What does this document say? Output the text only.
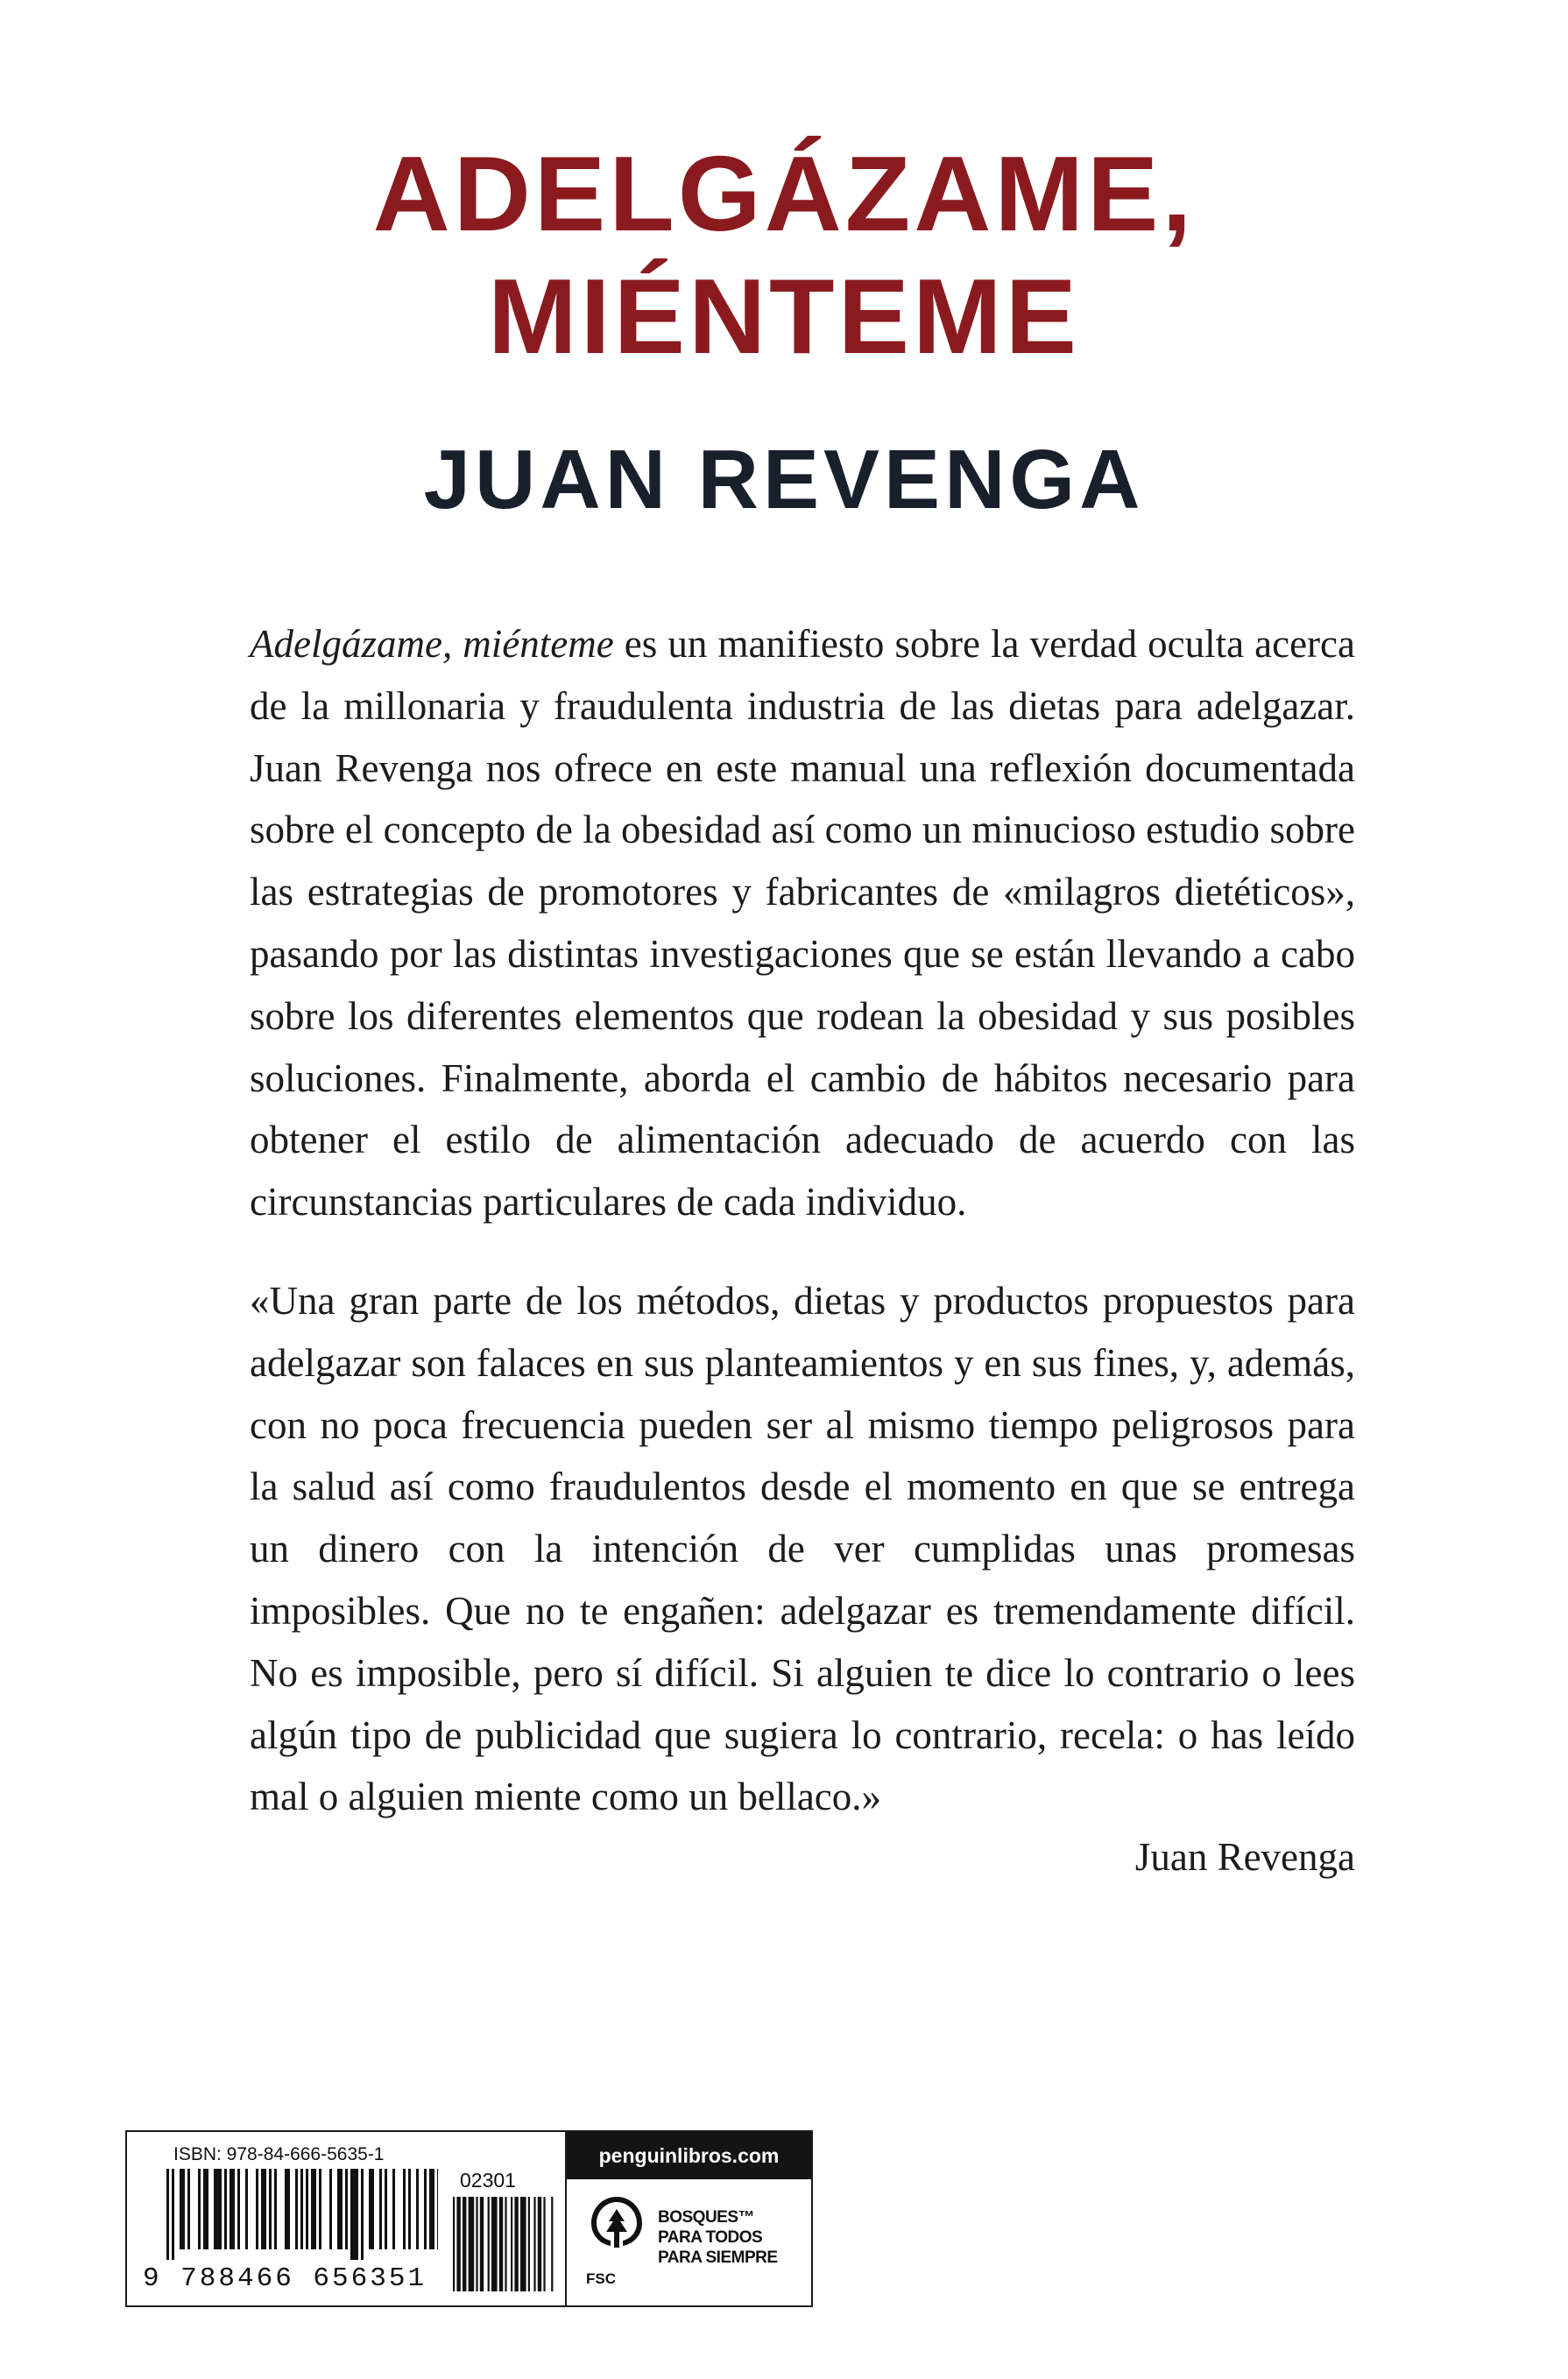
ADELGÁZAME,
MIÉNTEME
JUAN REVENGA

Adelgázame, miénteme es un manifiesto sobre la verdad oculta acerca de la millonaria y fraudulenta industria de las dietas para adelgazar. Juan Revenga nos ofrece en este manual una reflexión documentada sobre el concepto de la obesidad así como un minucioso estudio sobre las estrategias de promotores y fabricantes de «milagros dietéticos», pasando por las distintas investigaciones que se están llevando a cabo sobre los diferentes elementos que rodean la obesidad y sus posibles soluciones. Finalmente, aborda el cambio de hábitos necesario para obtener el estilo de alimentación adecuado de acuerdo con las circunstancias particulares de cada individuo.

«Una gran parte de los métodos, dietas y productos propuestos para adelgazar son falaces en sus planteamientos y en sus fines, y, además, con no poca frecuencia pueden ser al mismo tiempo peligrosos para la salud así como fraudulentos desde el momento en que se entrega un dinero con la intención de ver cumplidas unas promesas imposibles. Que no te engañen: adelgazar es tremendamente difícil. No es imposible, pero sí difícil. Si alguien te dice lo contrario o lees algún tipo de publicidad que sugiera lo contrario, recela: o has leído mal o alguien miente como un bellaco.»

Juan Revenga
ISBN: 978-84-666-5635-1
02301
9 788466 656351
penguinlibros.com
FSC
BOSQUES™
PARA TODOS
PARA SIEMPRE
